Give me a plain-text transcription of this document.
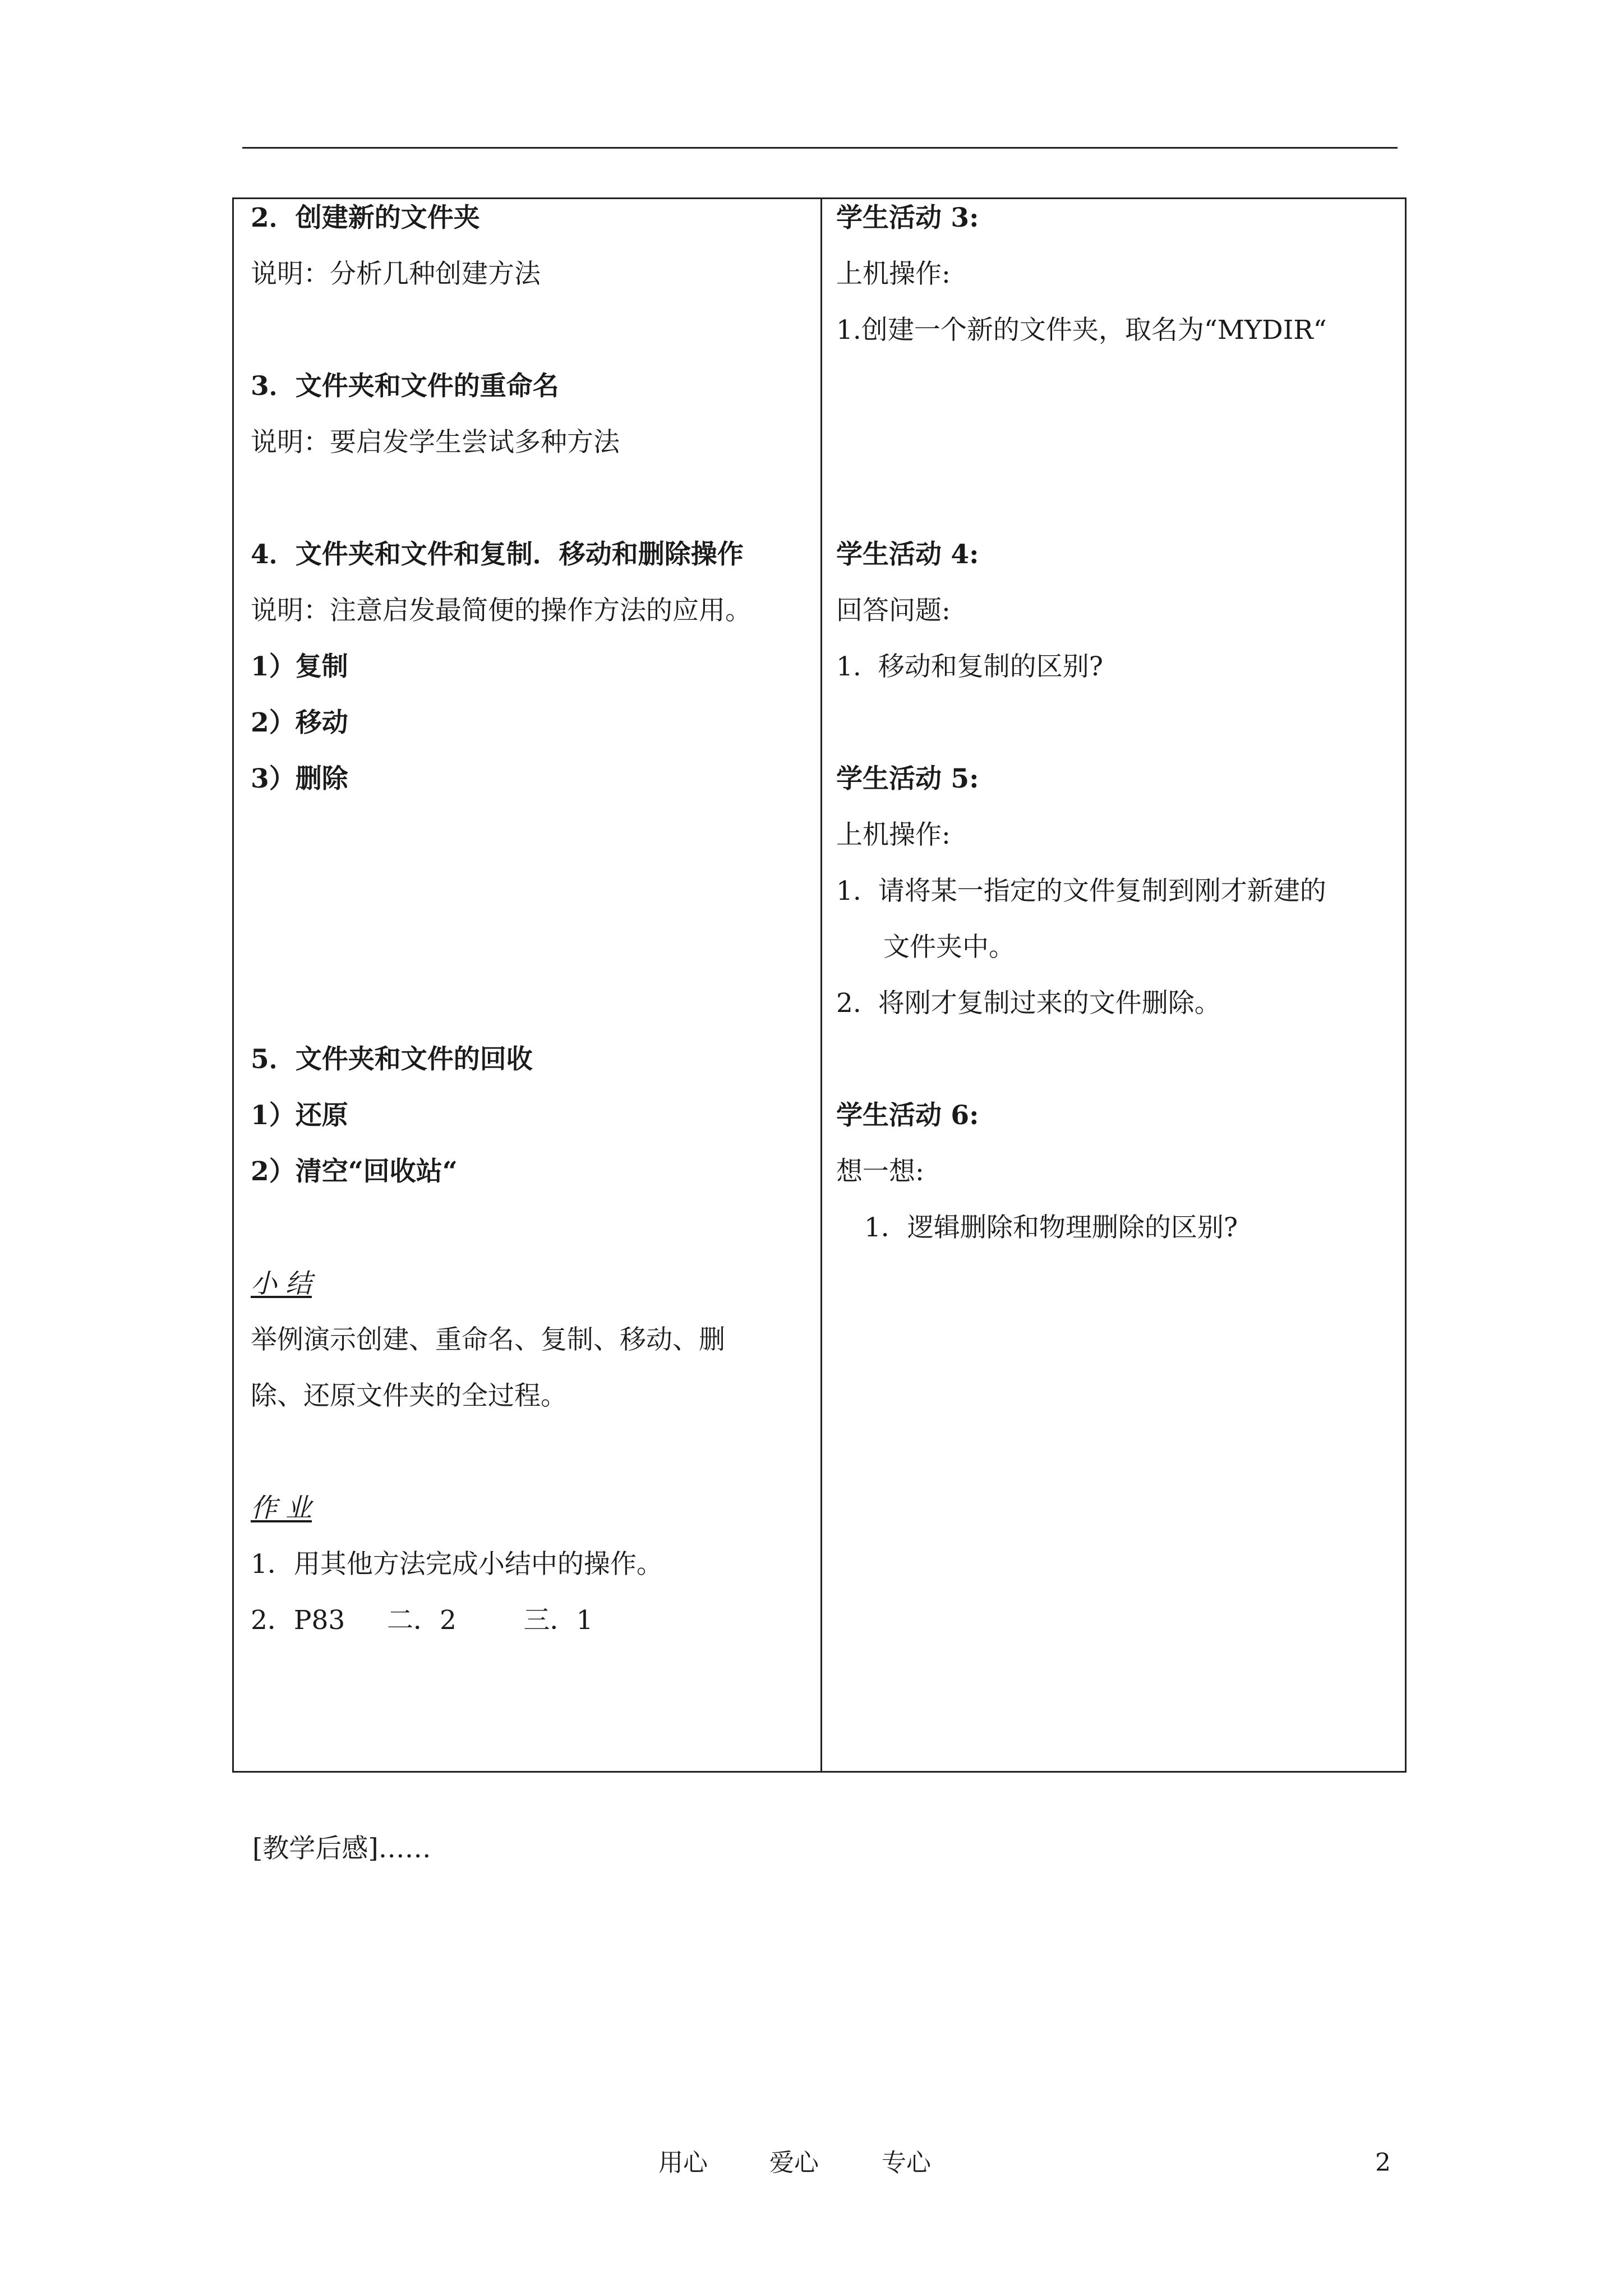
2．创建新的文件夹
说明：分析几种创建方法
3．文件夹和文件的重命名
说明：要启发学生尝试多种方法
4．文件夹和文件和复制．移动和删除操作
说明：注意启发最简便的操作方法的应用。
1）复制
2）移动
3）删除
5．文件夹和文件的回收
1）还原
2）清空“回收站“
小 结
举例演示创建、重命名、复制、移动、删
除、还原文件夹的全过程。
作 业
1．用其他方法完成小结中的操作。
2．P83     二．2        三．1
学生活动 3:
上机操作:
1.创建一个新的文件夹，取名为“MYDIR“
学生活动 4:
回答问题:
1.  移动和复制的区别?
学生活动 5:
上机操作:
1.  请将某一指定的文件复制到刚才新建的
文件夹中。
2.  将刚才复制过来的文件删除。
学生活动 6:
想一想:
1．逻辑删除和物理删除的区别?
[教学后感]……
用心	爱心	专心	2
